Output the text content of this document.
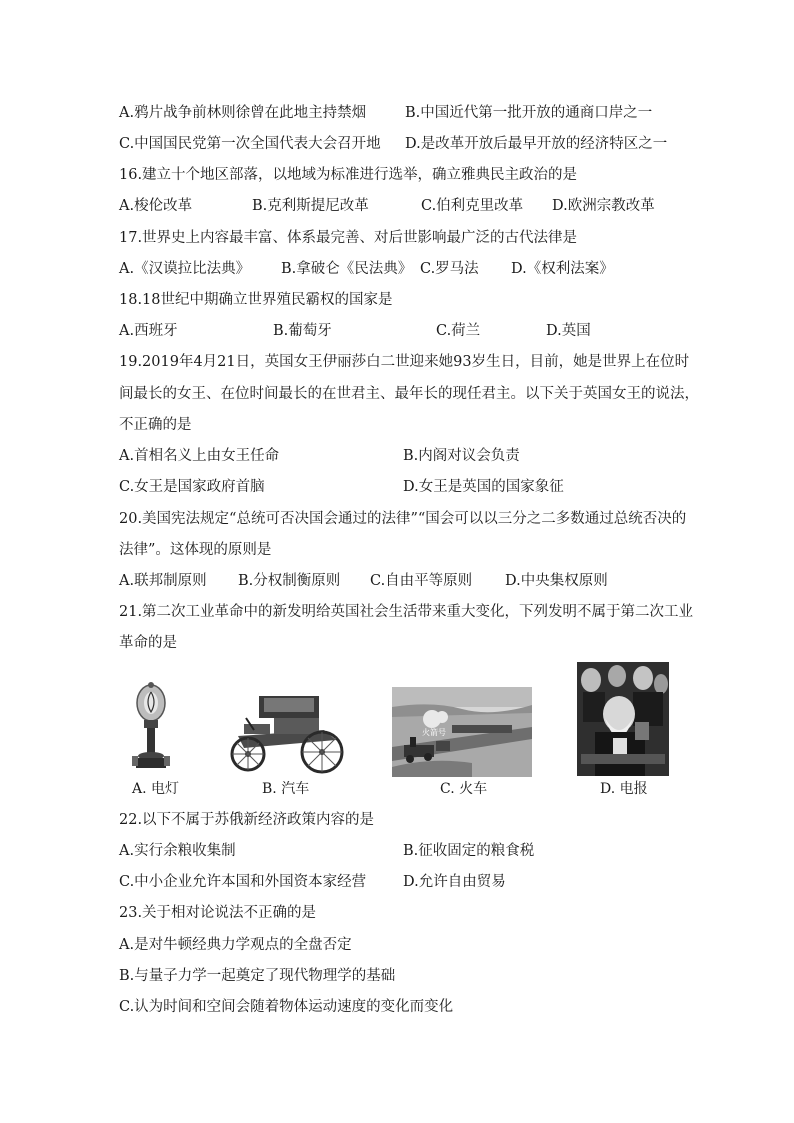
A.鸦片战争前林则徐曾在此地主持禁烟	B.中国近代第一批开放的通商口岸之一
C.中国国民党第一次全国代表大会召开地 D.是改革开放后最早开放的经济特区之一
16.建立十个地区部落，以地域为标准进行选举，确立雅典民主政治的是
A.梭伦改革	B.克利斯提尼改革	C.伯利克里改革 D.欧洲宗教改革
17.世界史上内容最丰富、体系最完善、对后世影响最广泛的古代法律是
A.《汉谟拉比法典》 B.拿破仑《民法典》 C.罗马法 D.《权利法案》
18.18世纪中期确立世界殖民霸权的国家是
A.西班牙	B.葡萄牙	C.荷兰	D.英国
19.2019年4月21日，英国女王伊丽莎白二世迎来她93岁生日，目前，她是世界上在位时
间最长的女王、在位时间最长的在世君主、最年长的现任君主。以下关于英国女王的说法，
不正确的是
A.首相名义上由女王任命	B.内阁对议会负责
C.女王是国家政府首脑	D.女王是英国的国家象征
20.美国宪法规定“总统可否决国会通过的法律”“国会可以以三分之二多数通过总统否决的
法律”。这体现的原则是
A.联邦制原则 B.分权制衡原则 C.自由平等原则 D.中央集权原则
21.第二次工业革命中的新发明给英国社会生活带来重大变化，下列发明不属于第二次工业
革命的是
A. 电灯	B. 汽车
火箭号
C. 火车	D. 电报
22.以下不属于苏俄新经济政策内容的是
A.实行余粮收集制	B.征收固定的粮食税
C.中小企业允许本国和外国资本家经营	D.允许自由贸易
23.关于相对论说法不正确的是
A.是对牛顿经典力学观点的全盘否定
B.与量子力学一起奠定了现代物理学的基础
C.认为时间和空间会随着物体运动速度的变化而变化
